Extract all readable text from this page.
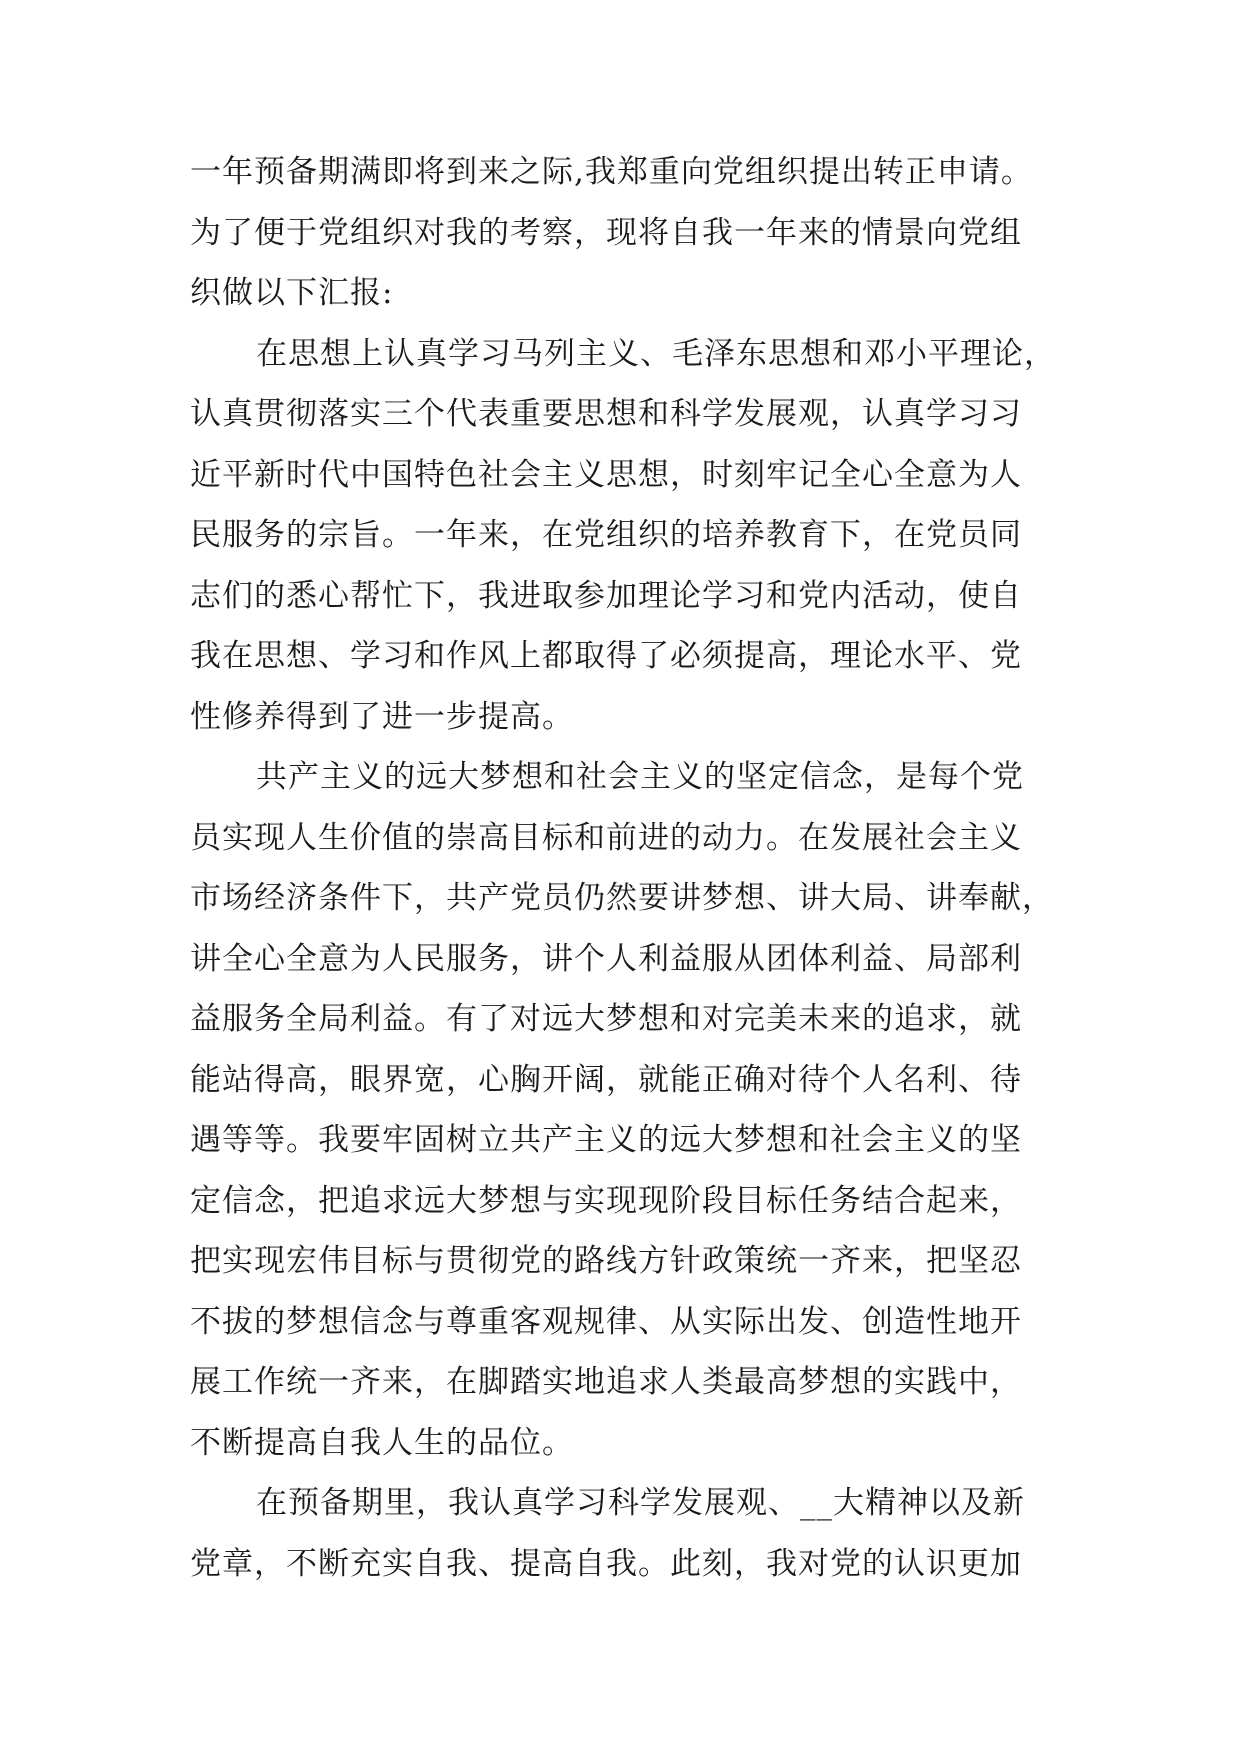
一年预备期满即将到来之际,我郑重向党组织提出转正申请。
为了便于党组织对我的考察，现将自我一年来的情景向党组
织做以下汇报:
在思想上认真学习马列主义、毛泽东思想和邓小平理论，
认真贯彻落实三个代表重要思想和科学发展观，认真学习习
近平新时代中国特色社会主义思想，时刻牢记全心全意为人
民服务的宗旨。一年来，在党组织的培养教育下，在党员同
志们的悉心帮忙下，我进取参加理论学习和党内活动，使自
我在思想、学习和作风上都取得了必须提高，理论水平、党
性修养得到了进一步提高。
共产主义的远大梦想和社会主义的坚定信念，是每个党
员实现人生价值的崇高目标和前进的动力。在发展社会主义
市场经济条件下，共产党员仍然要讲梦想、讲大局、讲奉献，
讲全心全意为人民服务，讲个人利益服从团体利益、局部利
益服务全局利益。有了对远大梦想和对完美未来的追求，就
能站得高，眼界宽，心胸开阔，就能正确对待个人名利、待
遇等等。我要牢固树立共产主义的远大梦想和社会主义的坚
定信念，把追求远大梦想与实现现阶段目标任务结合起来，
把实现宏伟目标与贯彻党的路线方针政策统一齐来，把坚忍
不拔的梦想信念与尊重客观规律、从实际出发、创造性地开
展工作统一齐来，在脚踏实地追求人类最高梦想的实践中，
不断提高自我人生的品位。
在预备期里，我认真学习科学发展观、__大精神以及新
党章，不断充实自我、提高自我。此刻，我对党的认识更加
